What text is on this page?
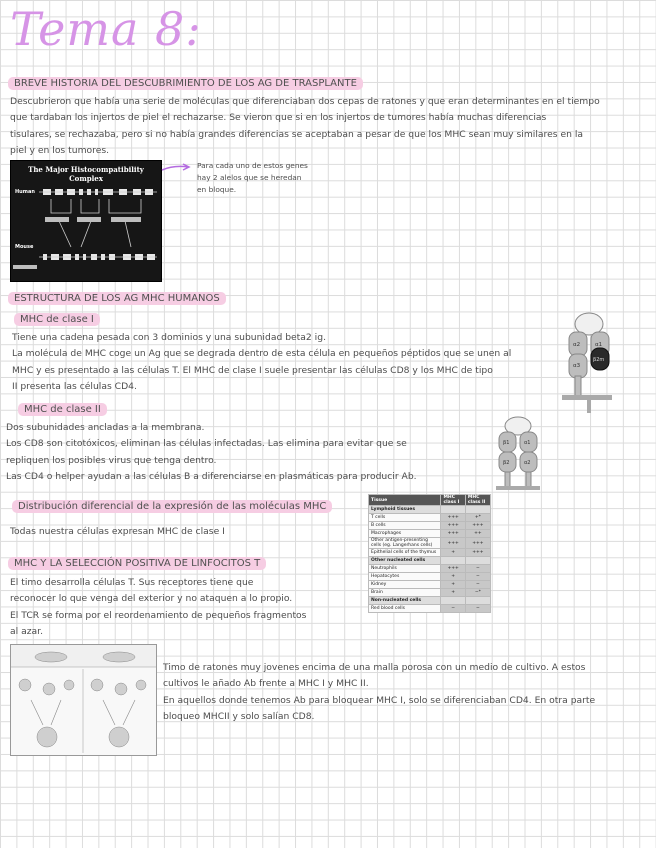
Tema 8:
BREVE HISTORIA DEL DESCUBRIMIENTO DE LOS AG DE TRASPLANTE
Descubrieron que había una serie de moléculas que diferenciaban dos cepas de ratones y que eran determinantes en el tiempo
que tardaban los injertos de piel el rechazarse. Se vieron que si en los injertos de tumores había muchas diferencias
tisulares, se rechazaba, pero si no había grandes diferencias se aceptaban a pesar de que los MHC sean muy similares en la
piel y en los tumores.
The Major Histocompatibility Complex
Human
Mouse
Para cada uno de estos genes
hay 2 alelos que se heredan
en bloque.
ESTRUCTURA DE LOS AG MHC HUMANOS
MHC de clase I
Tiene una cadena pesada con 3 dominios y una subunidad beta2 ig.
La molécula de MHC coge un Ag que se degrada dentro de esta célula en pequeños péptidos que se unen al
MHC y es presentado a las células T. El MHC de clase I suele presentar las células CD8 y los MHC de tipo
II presenta las células CD4.
α2	α1
α3
β2m
MHC de clase II
Dos subunidades ancladas a la membrana.
Los CD8 son citotóxicos, eliminan las células infectadas. Las elimina para evitar que se
repliquen los posibles virus que tenga dentro.
Las CD4 o helper ayudan a las células B a diferenciarse en plasmáticas para producir Ab.
β1	α1
β2	α2
Distribución diferencial de la expresión de las moléculas MHC
Todas nuestra células expresan MHC de clase I
Tissue	MHC class I	MHC class II
Lymphoid tissues		
T cells	+++	+*
B cells	+++	+++
Macrophages	+++	++
Other antigen-presenting cells (eg. Langerhans cells)	+++	+++
Epithelial cells of the thymus	+	+++
Other nucleated cells		
Neutrophils	+++	−
Hepatocytes	+	−
Kidney	+	−
Brain	+	−*
Non-nucleated cells		
Red blood cells	−	−
MHC Y LA SELECCIÓN POSITIVA DE LINFOCITOS T
El timo desarrolla células T. Sus receptores tiene que
reconocer lo que venga del exterior y no ataquen a lo propio.
El TCR se forma por el reordenamiento de pequeños fragmentos
al azar.
Timo de ratones muy jovenes encima de una malla porosa con un medio de cultivo. A estos
cultivos le añado Ab frente a MHC I y MHC II.
En aquellos donde tenemos Ab para bloquear MHC I, solo se diferenciaban CD4. En otra parte
bloqueo MHCII y solo salían CD8.
